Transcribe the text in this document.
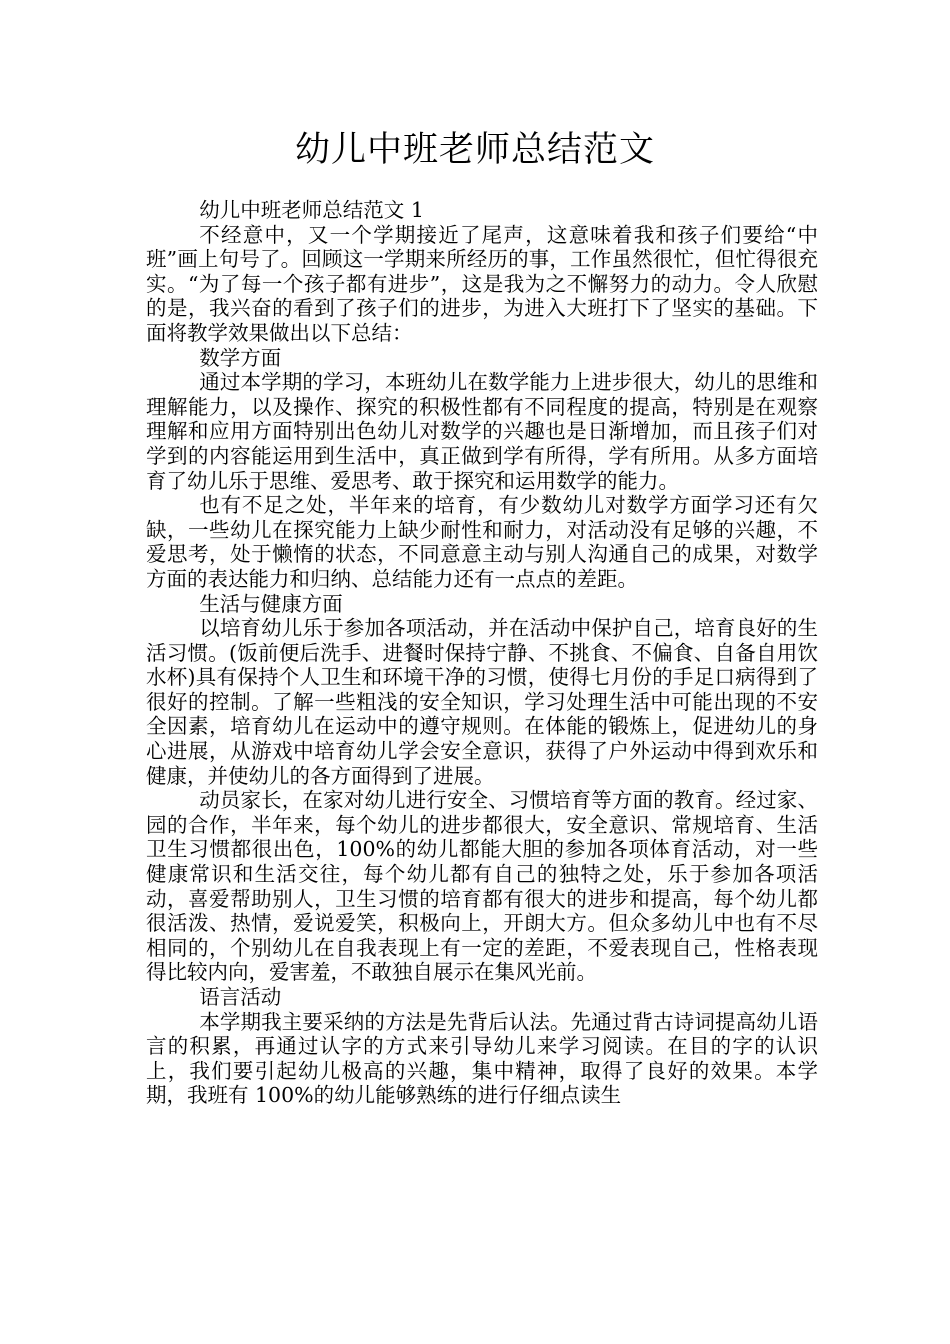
幼儿中班老师总结范文

幼儿中班老师总结范文 1

不经意中，又一个学期接近了尾声，这意味着我和孩子们要给“中班”画上句号了。回顾这一学期来所经历的事，工作虽然很忙，但忙得很充实。“为了每一个孩子都有进步”，这是我为之不懈努力的动力。令人欣慰的是，我兴奋的看到了孩子们的进步，为进入大班打下了坚实的基础。下面将教学效果做出以下总结：

数学方面

通过本学期的学习，本班幼儿在数学能力上进步很大，幼儿的思维和理解能力，以及操作、探究的积极性都有不同程度的提高，特别是在观察理解和应用方面特别出色幼儿对数学的兴趣也是日渐增加，而且孩子们对学到的内容能运用到生活中，真正做到学有所得，学有所用。从多方面培育了幼儿乐于思维、爱思考、敢于探究和运用数学的能力。

也有不足之处，半年来的培育，有少数幼儿对数学方面学习还有欠缺，一些幼儿在探究能力上缺少耐性和耐力，对活动没有足够的兴趣，不爱思考，处于懒惰的状态，不同意意主动与别人沟通自己的成果，对数学方面的表达能力和归纳、总结能力还有一点点的差距。

生活与健康方面

以培育幼儿乐于参加各项活动，并在活动中保护自己，培育良好的生活习惯。(饭前便后洗手、进餐时保持宁静、不挑食、不偏食、自备自用饮水杯)具有保持个人卫生和环境干净的习惯，使得七月份的手足口病得到了很好的控制。了解一些粗浅的安全知识，学习处理生活中可能出现的不安全因素，培育幼儿在运动中的遵守规则。在体能的锻炼上，促进幼儿的身心进展，从游戏中培育幼儿学会安全意识，获得了户外运动中得到欢乐和健康，并使幼儿的各方面得到了进展。

动员家长，在家对幼儿进行安全、习惯培育等方面的教育。经过家、园的合作，半年来，每个幼儿的进步都很大，安全意识、常规培育、生活卫生习惯都很出色，100%的幼儿都能大胆的参加各项体育活动，对一些健康常识和生活交往，每个幼儿都有自己的独特之处，乐于参加各项活动，喜爱帮助别人，卫生习惯的培育都有很大的进步和提高，每个幼儿都很活泼、热情，爱说爱笑，积极向上，开朗大方。但众多幼儿中也有不尽相同的，个别幼儿在自我表现上有一定的差距，不爱表现自己，性格表现得比较内向，爱害羞，不敢独自展示在集风光前。

语言活动

本学期我主要采纳的方法是先背后认法。先通过背古诗词提高幼儿语言的积累，再通过认字的方式来引导幼儿来学习阅读。在目的字的认识上，我们要引起幼儿极高的兴趣，集中精神，取得了良好的效果。本学期，我班有 100%的幼儿能够熟练的进行仔细点读生
